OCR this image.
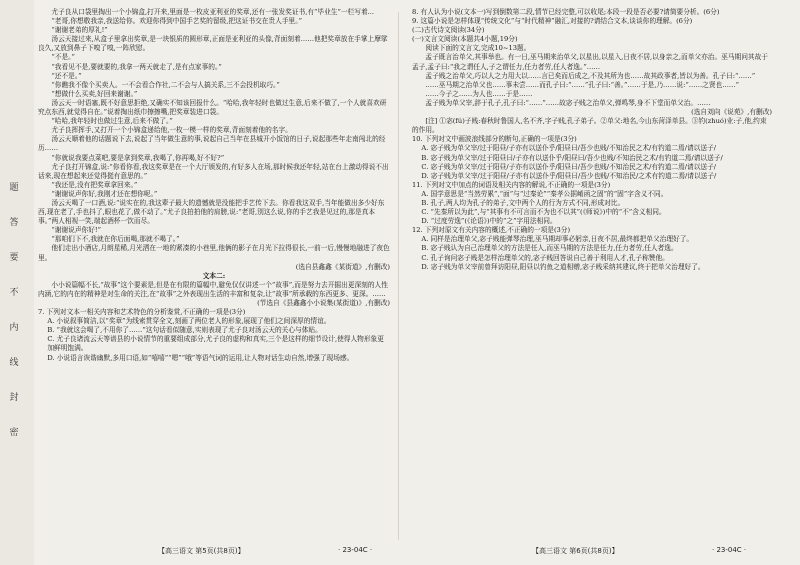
题
答
要
不
内
线
封
密

尤子良从口袋里掏出一个小锦盒,打开来,里面是一枚皮亚利亚的奖章,还有一张发奖证书,有“毕业生”一栏写着...

“老哥,你想敬我亲,我送给你。欢迎你得到中国手艺奖的留级,把这证书交在贵人手里。”

“谢谢老弟的厚礼!”

汤云天接过来,从盒子里拿出奖章,是一块银质的圆形章,正面是亚利亚的头像,背面刻着……他把奖章放在手掌上摩挲良久,又放到鼻子下嗅了嗅,一阵欣慰。

“不是。”

“我看见不是,要就要的,我拿一两天就走了,是有点家事的。”

“还不是。”

“你瞧我不像个买卖人。一不会看合作社,二不会与人搞关系,三不会投机取巧。”

“想做什么买卖,好回来谢谢。”

汤云天一时语塞,既不好意思拒绝,又确实不知该回报什么。“哈哈,我年轻时也做过生意,后来不做了,一个人就喜欢研究点东西,就觉得自在。”说着掏出纸巾擦擦嘴,把奖章装进口袋。

“哈哈,我年轻时也做过生意,后来不做了。”

尤子良挥挥手,又打开一个小锦盒递给他,一枚一模一样的奖章,背面刻着他的名字。

汤云天顺着他的话题说下去,说起了当年做生意的事,说起自己当年在县城开小饭馆的日子,说起那些年走南闯北的经历……

“你就说我要点菜吧,要是拿到奖章,我喝了,你再喝,好不好?”

尤子良打开锦盒,说:“你看你看,我这奖章是在一个大厅颁发的,有好多人在场,那时候我还年轻,站在台上激动得说不出话来,现在想起来还觉得挺有意思的。”

“我还是,没有把奖章拿回来。”

“谢谢说声你好,我刚才还在想你呢。”

汤云天喝了一口酒,说:“说实在的,我这辈子最大的遗憾就是没能把手艺传下去。你看我这双手,当年能做出多少好东西,现在老了,手也抖了,眼也花了,做不动了。”尤子良拍拍他的肩膀,说:“老哥,别这么说,你的手艺我是见过的,那是真本事。”两人相视一笑,端起酒杯一饮而尽。

“谢谢说声你好!”

“那咱们下不,我就在你后面喝,那就不喝了。”

他们走出小酒店,月朗星稀,月光洒在一地的紧凑的小巷里,他俩的影子在月光下拉得很长,一前一后,慢慢地融进了夜色里。

(选自县鑫鑫《某街道》,有删改)

文本二:

小小说篇幅不长,“故事”这个要素是,但是在有限的篇幅中,避免仅仅讲述一个“故事”,而是努力去开掘出更深刻的人性内涵,它的内在的精神是对生命的关注,在“故事”之外表现出生活的丰富和复杂,让“故事”所承载的东西更多、更深。……

(节选自《县鑫鑫小小说集(某街道)》,有删改)

7. 下列对文本一相关内容和艺术特色的分析鉴赏,不正确的一项是(3分)

A. 小说叙事简洁,以“奖章”为线索贯穿全文,刻画了两位老人的形象,展现了他们之间深厚的情谊。

B. “我就这会喝了,不用你了……”这句话看似随意,实则表现了尤子良对汤云天的关心与体贴。

C. 尤子良诸流云天等谱县的小说情节的重要组成部分,尤子良的虚构和真实,三个是这样的细节设计,使得人物形象更加鲜明饱满。

D. 小说语言诙谐幽默,多用口语,如“嘻嘻”“嗯”“哦”等语气词的运用,让人物对话生动自然,增强了现场感。

8. 有人认为小说(文本一)写到倒数第二段,情节已经完整,可以收尾;本段一段是否必要?请简要分析。(6分)

9. 这篇小说是怎样体现“传统文化”与“时代精神”融汇,对接的?请结合文本,谈谈你的理解。(6分)

(二)古代诗文阅读(34分)

(一)文言文阅读(本题共4小题,19分)

阅读下面的文言文,完成10~13题。

孟子既言治单父,其事举也。有一日,巫马期来治单父,以星出,以星入,日夜不居,以身亲之,而单父亦治。巫马期问其故于孟子,孟子曰:“我之谓任人,子之谓任力,任力者劳,任人者逸。”……

孟子贱之治单父,巧以人之力用大以……言已矣而后成之,不及其所为也……故其政事者,皆以为善。孔子曰:“……”

……巫马期之治单父也……事未尝……而孔子曰:“……”孔子曰:“善。”……于是,乃……说:“……之贤也……”

……今子之……为人也……于是……

孟子贱为单父宰,辞于孔子,孔子曰:“……”……故宓子贱之治单父,弹鸣琴,身不下堂而单父治。……

(选自刘向《说苑》,有删改)

[注] ①宓(fú)子贱:春秋时鲁国人,名不齐,字子贱,孔子弟子。②单父:地名,今山东菏泽单县。③钓(zhuó)业:子,他,约束的作用。

10. 下列对文中画波浪线部分的断句,正确的一项是(3分)

A. 宓子贱为单父宰/过于阳昼/子亦有以送仆乎/阳昼曰/吾少也贱/不知治民之术/有钓道二焉/请以送子/

B. 宓子贱为单父宰/过于阳昼曰/子亦有以送仆乎/阳昼曰/吾少也贱/不知治民之术/有钓道二焉/请以送子/

C. 宓子贱为单父宰/过于阳昼/子亦有以送仆乎/阳昼曰/吾少也贱/不知治民之术/有钓道二焉/请以送子/

D. 宓子贱为单父宰/过于阳昼/子亦有以送仆乎/阳昼曰/吾少也贱/不知治民/之术有钓道二焉/请以送子/

11. 下列对文中加点的词语及相关内容的解说,不正确的一项是(3分)

A. 国学意思是“当然劳累”,“面”与“过秦论”“秦孝公据崤函之固”的“固”字含义不同。

B. 孔子,两人均为孔子的弟子,文中两个人的行为方式不同,形成对比。

C. “先秦所以为此”,与“其事有不可言而不为也不以其”(《师说》)中的“不”含义相同。

D. “过度劳逸”(《论语》)中的“之”字用法相同。

12. 下列对原文有关内容的概述,不正确的一项是(3分)

A. 同样是治理单父,宓子贱能弹琴治理,巫马期却事必躬亲,日夜不居,最终都把单父治理好了。

B. 宓子贱认为自己治理单父的方法是任人,而巫马期的方法是任力,任力者劳,任人者逸。

C. 孔子询问宓子贱是怎样治理单父的,宓子贱回答说自己善于利用人才,孔子称赞他。

D. 宓子贱为单父宰前曾拜访阳昼,阳昼以钓鱼之道相赠,宓子贱采纳其建议,终于把单父治理好了。

【高三语文 第5页(共8页)】	· 23-04C ·	【高三语文 第6页(共8页)】	· 23-04C ·
